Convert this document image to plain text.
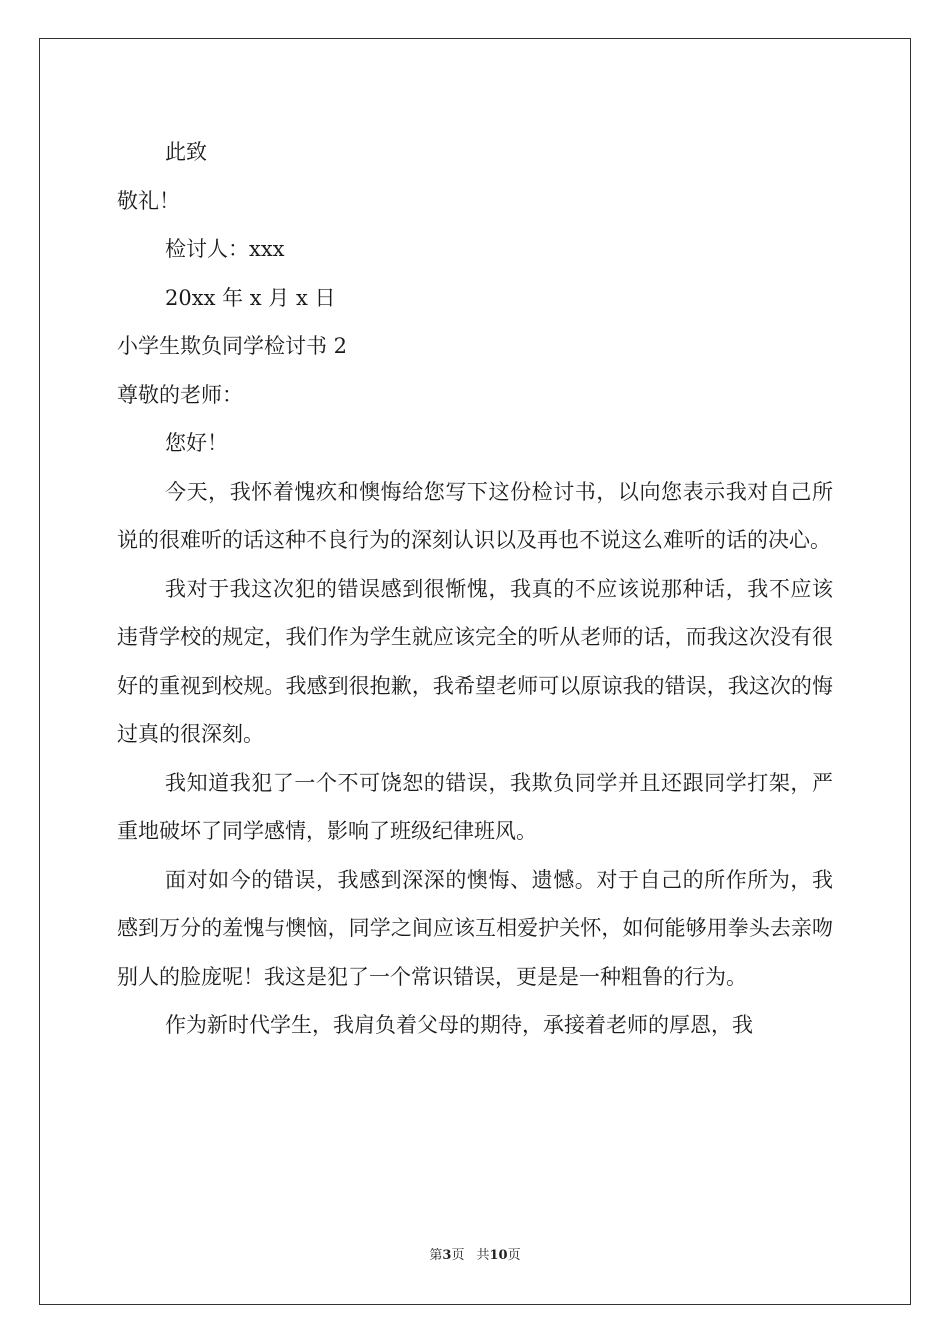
此致

敬礼！

检讨人：xxx

20xx 年 x 月 x 日

小学生欺负同学检讨书 2

尊敬的老师：

您好！

今天，我怀着愧疚和懊悔给您写下这份检讨书，以向您表示我对自己所说的很难听的话这种不良行为的深刻认识以及再也不说这么难听的话的决心。

我对于我这次犯的错误感到很惭愧，我真的不应该说那种话，我不应该违背学校的规定，我们作为学生就应该完全的听从老师的话，而我这次没有很好的重视到校规。我感到很抱歉，我希望老师可以原谅我的错误，我这次的悔过真的很深刻。

我知道我犯了一个不可饶恕的错误，我欺负同学并且还跟同学打架，严重地破坏了同学感情，影响了班级纪律班风。

面对如今的错误，我感到深深的懊悔、遗憾。对于自己的所作所为，我感到万分的羞愧与懊恼，同学之间应该互相爱护关怀，如何能够用拳头去亲吻别人的脸庞呢！我这是犯了一个常识错误，更是是一种粗鲁的行为。

作为新时代学生，我肩负着父母的期待，承接着老师的厚恩，我

第3页 共10页
